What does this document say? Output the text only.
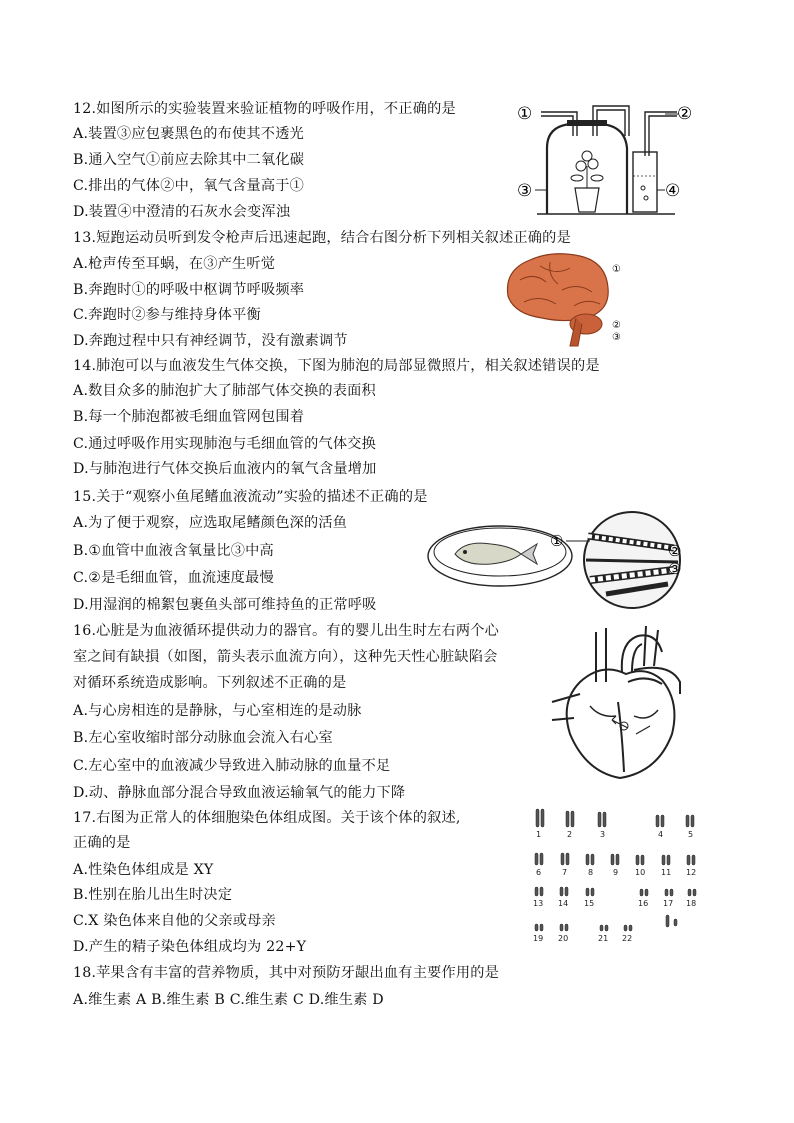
12.如图所示的实验装置来验证植物的呼吸作用，不正确的是
A.装置③应包裹黑色的布使其不透光
B.通入空气①前应去除其中二氧化碳
C.排出的气体②中，氧气含量高于①
D.装置④中澄清的石灰水会变浑浊
①	②
③	④
13.短跑运动员听到发令枪声后迅速起跑，结合右图分析下列相关叙述正确的是
A.枪声传至耳蜗，在③产生听觉
B.奔跑时①的呼吸中枢调节呼吸频率
C.奔跑时②参与维持身体平衡
D.奔跑过程中只有神经调节，没有激素调节
①
②
③
14.肺泡可以与血液发生气体交换，下图为肺泡的局部显微照片，相关叙述错误的是
A.数目众多的肺泡扩大了肺部气体交换的表面积
B.每一个肺泡都被毛细血管网包围着
C.通过呼吸作用实现肺泡与毛细血管的气体交换
D.与肺泡进行气体交换后血液内的氧气含量增加
15.关于“观察小鱼尾鳍血液流动”实验的描述不正确的是
A.为了便于观察，应选取尾鳍颜色深的活鱼
B.①血管中血液含氧量比③中高
C.②是毛细血管，血流速度最慢
D.用湿润的棉絮包裹鱼头部可维持鱼的正常呼吸
①
②
③
16.心脏是为血液循环提供动力的器官。有的婴儿出生时左右两个心
室之间有缺損（如图，箭头表示血流方向），这种先天性心脏缺陷会
对循环系统造成影响。下列叙述不正确的是
A.与心房相连的是静脉，与心室相连的是动脉
B.左心室收缩时部分动脉血会流入右心室
C.左心室中的血液减少导致进入肺动脉的血量不足
D.动、静脉血部分混合导致血液运输氧气的能力下降
17.右图为正常人的体细胞染色体组成图。关于该个体的叙述,
正确的是
A.性染色体组成是 XY
B.性别在胎儿出生时决定
C.X 染色体来自他的父亲或母亲
D.产生的精子染色体组成均为 22+Y
1	2	3	4	5
6	7	8 9 10 11 12
13 14 15	16 17 18
19 20	21 22
18.苹果含有丰富的营养物质，其中对预防牙龈出血有主要作用的是
A.维生素 A B.维生素 B C.维生素 C D.维生素 D
